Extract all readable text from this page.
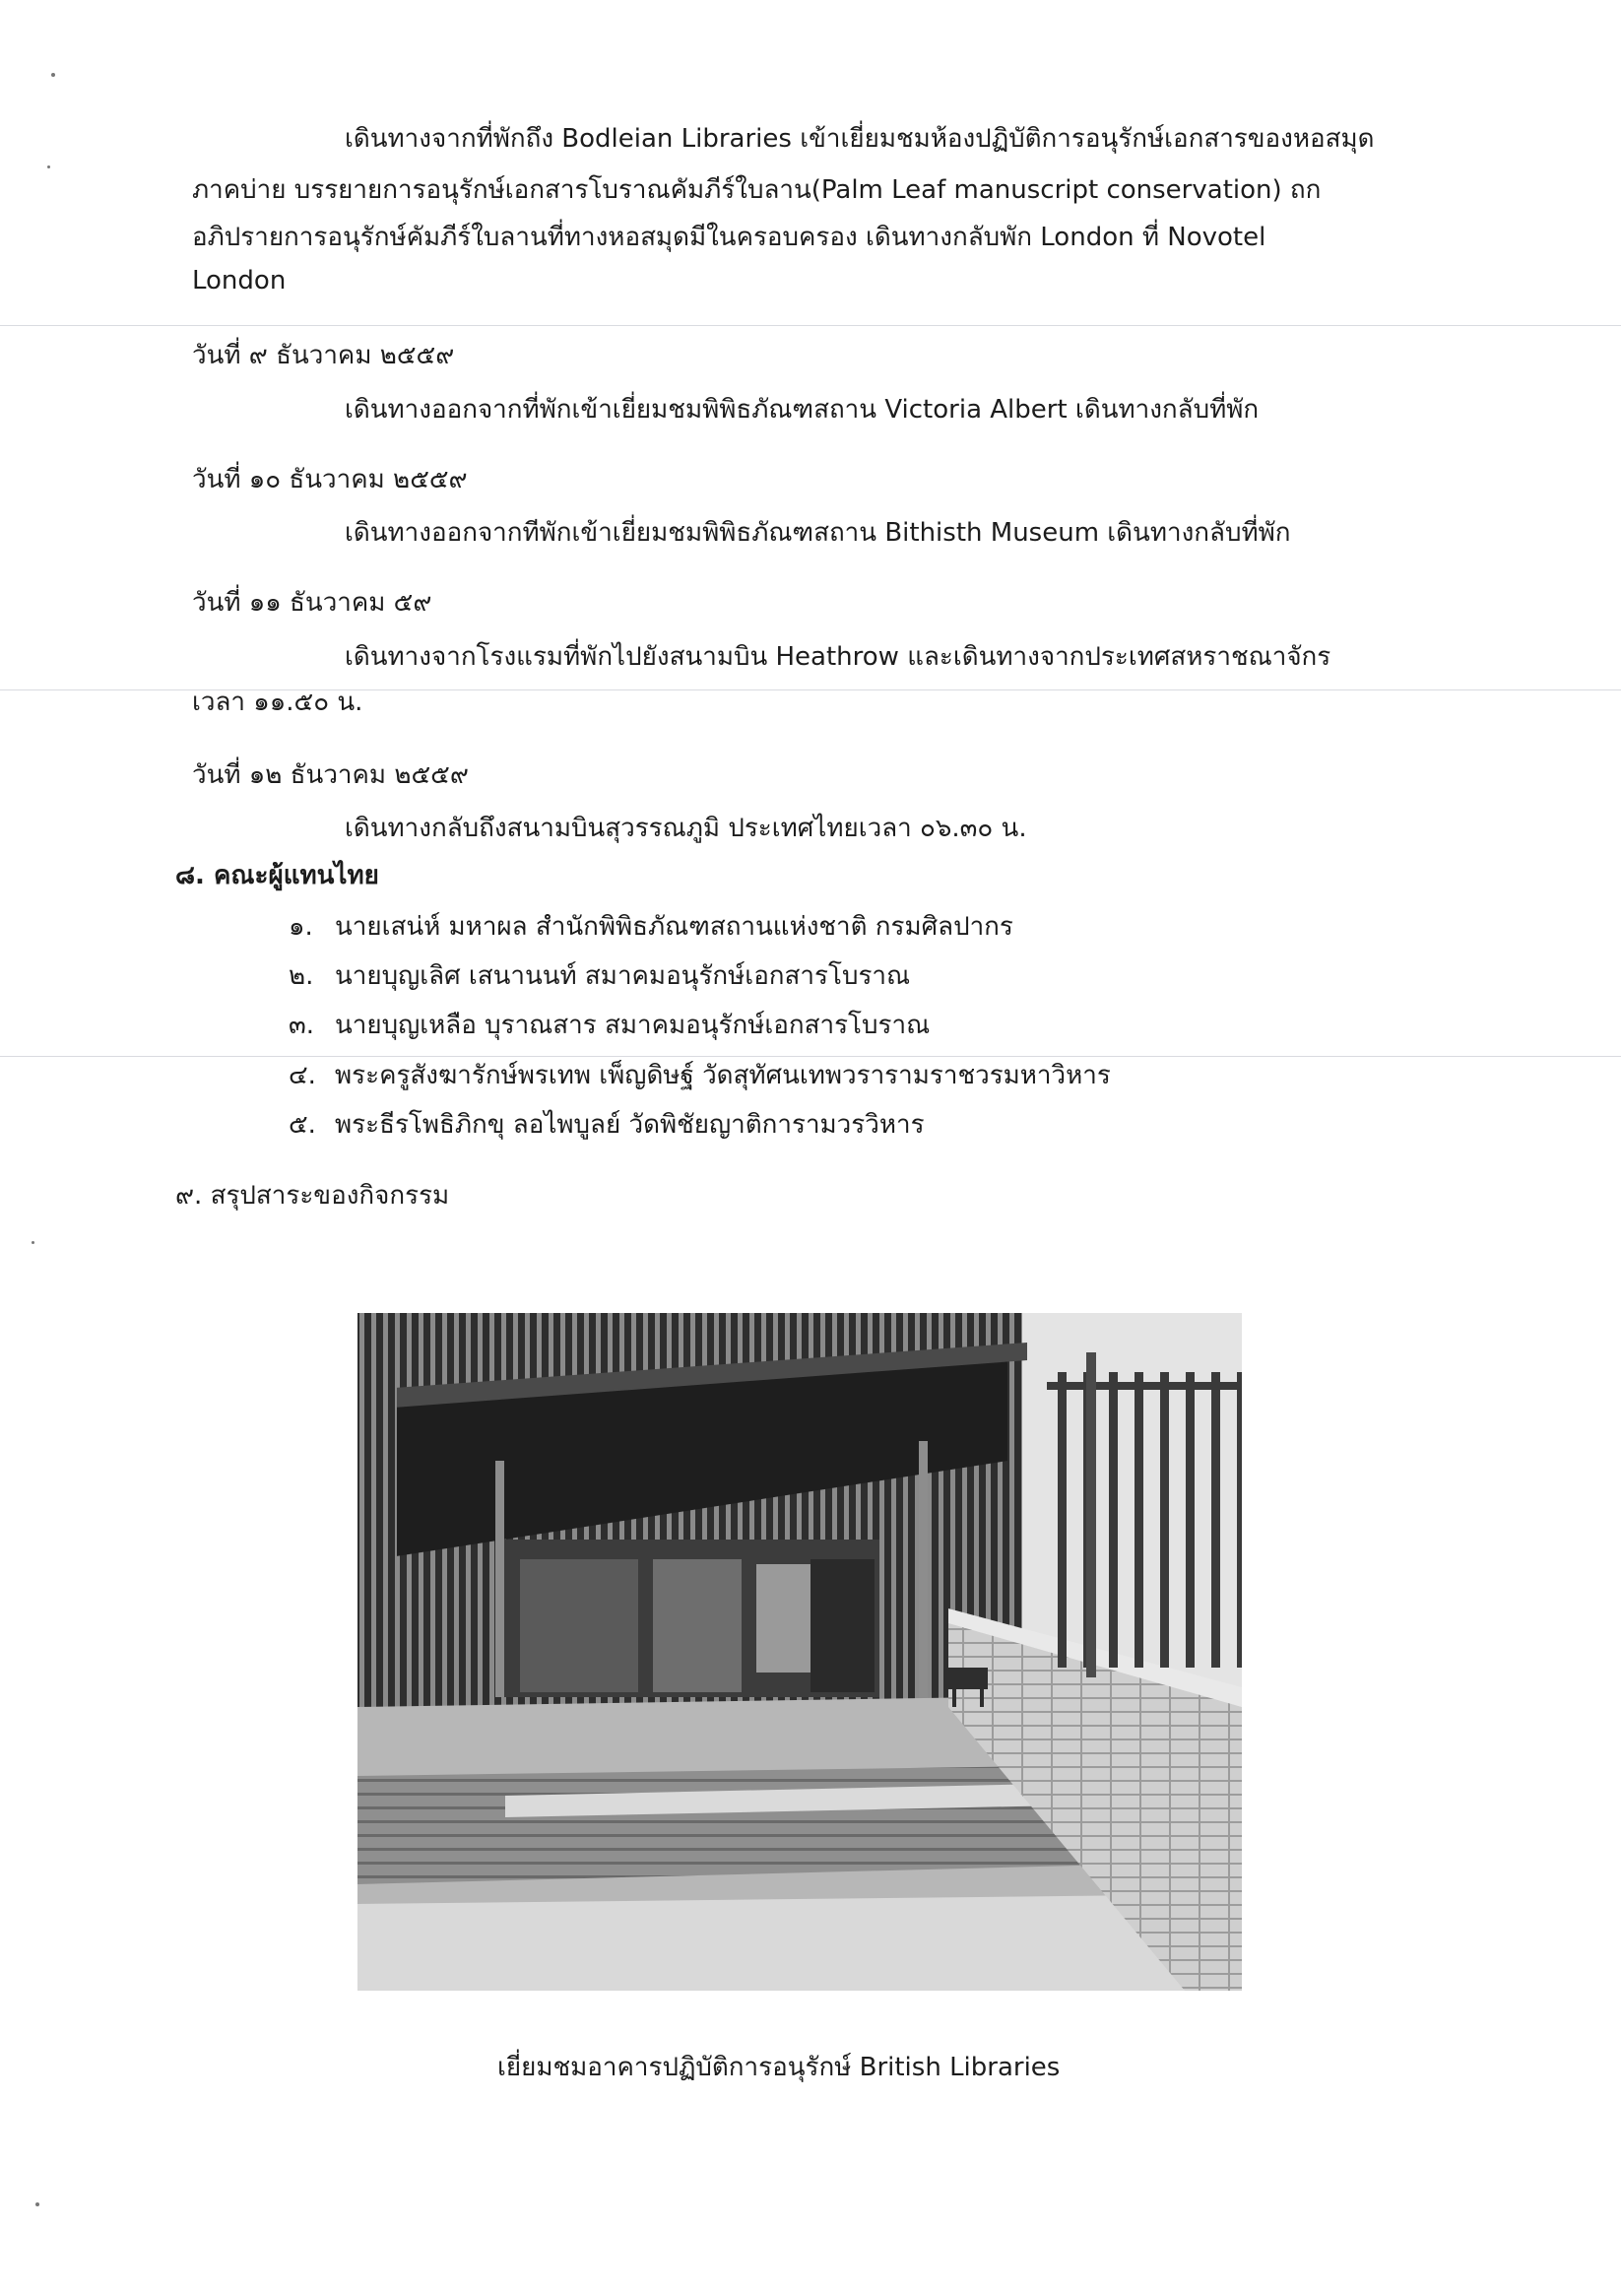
เดินทางจากที่พักถึง Bodleian Libraries เข้าเยี่ยมชมห้องปฏิบัติการอนุรักษ์เอกสารของหอสมุด
ภาคบ่าย บรรยายการอนุรักษ์เอกสารโบราณคัมภีร์ใบลาน(Palm Leaf manuscript conservation) ถก
อภิปรายการอนุรักษ์คัมภีร์ใบลานที่ทางหอสมุดมีในครอบครอง เดินทางกลับพัก London ที่ Novotel
London
วันที่ ๙ ธันวาคม ๒๕๕๙
เดินทางออกจากที่พักเข้าเยี่ยมชมพิพิธภัณฑสถาน Victoria Albert เดินทางกลับที่พัก
วันที่ ๑๐ ธันวาคม ๒๕๕๙
เดินทางออกจากทีพักเข้าเยี่ยมชมพิพิธภัณฑสถาน Bithisth Museum เดินทางกลับที่พัก
วันที่ ๑๑ ธันวาคม ๕๙
เดินทางจากโรงแรมที่พักไปยังสนามบิน Heathrow และเดินทางจากประเทศสหราชณาจักร
เวลา ๑๑.๕๐ น.
วันที่ ๑๒ ธันวาคม ๒๕๕๙
เดินทางกลับถึงสนามบินสุวรรณภูมิ ประเทศไทยเวลา ๐๖.๓๐ น.
๘. คณะผู้แทนไทย
๑. นายเสน่ห์ มหาผล สำนักพิพิธภัณฑสถานแห่งชาติ กรมศิลปากร
๒. นายบุญเลิศ เสนานนท์ สมาคมอนุรักษ์เอกสารโบราณ
๓. นายบุญเหลือ บุราณสาร สมาคมอนุรักษ์เอกสารโบราณ
๔. พระครูสังฆารักษ์พรเทพ เพ็ญดิษฐ์ วัดสุทัศนเทพวรารามราชวรมหาวิหาร
๕. พระธีรโพธิภิกขุ ลอไพบูลย์ วัดพิชัยญาติการามวรวิหาร
๙. สรุปสาระของกิจกรรม
เยี่ยมชมอาคารปฏิบัติการอนุรักษ์ British Libraries
